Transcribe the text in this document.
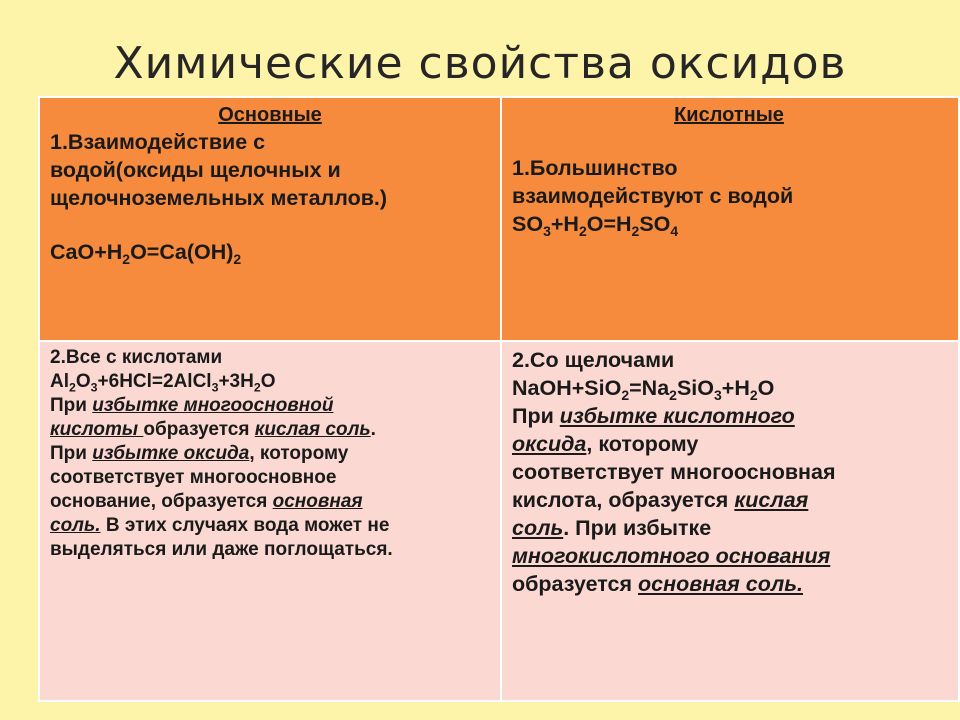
Химические свойства оксидов
Основные
1.Взаимодействие с
водой(оксиды щелочных и
щелочноземельных металлов.)
$CaO+H_2O=Ca(OH)_2$
Кислотные
1.Большинство
взаимодействуют с водой
$SO_3+H_2O=H_2SO_4$
2.Все с кислотами
$Al_2O_3+6HCl=2AlCl_3+3H_2O$
При избытке многоосновной
кислоты образуется кислая соль.
При избытке оксида, которому
соответствует многоосновное
основание, образуется основная
соль. В этих случаях вода может не
выделяться или даже поглощаться.
2.Со щелочами
$NaOH+SiO_2=Na_2SiO_3+H_2O$
При избытке кислотного
оксида, которому
соответствует многоосновная
кислота, образуется кислая
соль. При избытке
многокислотного основания
образуется основная соль.
